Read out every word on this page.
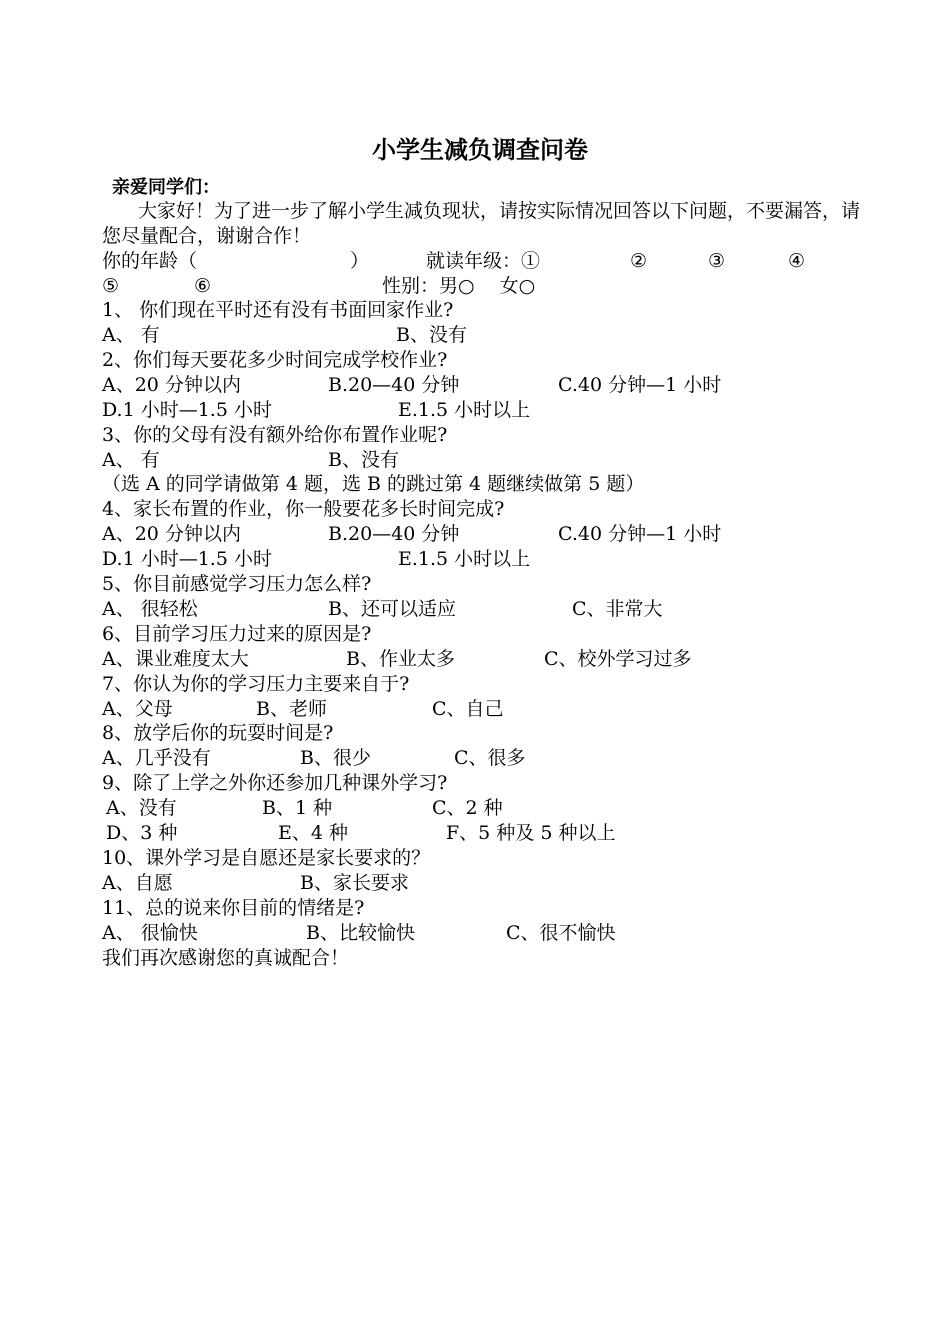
小学生减负调查问卷
亲爱同学们：
大家好！为了进一步了解小学生减负现状，请按实际情况回答以下问题，不要漏答，请您尽量配合，谢谢合作！
你的年龄（	）	就读年级：①	②	③	④
⑤	⑥	性别：男○　 女○
1、 你们现在平时还有没有书面回家作业?
A、 有	B、没有
2、你们每天要花多少时间完成学校作业?
A、20 分钟以内	B.20—40 分钟	C.40 分钟—1 小时
D.1 小时—1.5 小时	E.1.5 小时以上
3、你的父母有没有额外给你布置作业呢?
A、 有	B、没有
（选 A 的同学请做第 4 题，选 B 的跳过第 4 题继续做第 5 题）
4、家长布置的作业，你一般要花多长时间完成?
A、20 分钟以内	B.20—40 分钟	C.40 分钟—1 小时
D.1 小时—1.5 小时	E.1.5 小时以上
5、你目前感觉学习压力怎么样?
A、 很轻松	B、还可以适应	C、非常大
6、目前学习压力过来的原因是?
A、课业难度太大	B、作业太多	C、校外学习过多
7、你认为你的学习压力主要来自于?
A、父母	B、老师	C、自己
8、放学后你的玩耍时间是?
A、几乎没有	B、很少	C、很多
9、除了上学之外你还参加几种课外学习?
A、没有	B、1 种	C、2 种
D、3 种	E、4 种	F、5 种及 5 种以上
10、课外学习是自愿还是家长要求的？
A、自愿	B、家长要求
11、总的说来你目前的情绪是?
A、 很愉快	B、比较愉快	C、很不愉快
我们再次感谢您的真诚配合！
